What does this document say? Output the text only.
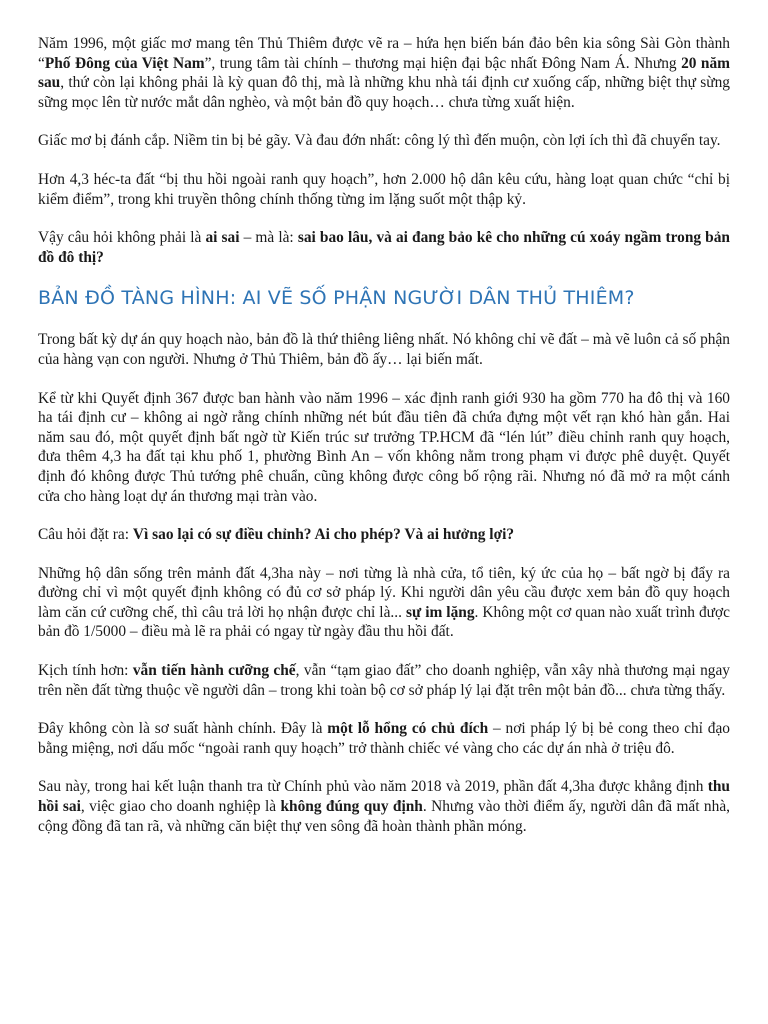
Năm 1996, một giấc mơ mang tên Thủ Thiêm được vẽ ra – hứa hẹn biến bán đảo bên kia sông Sài Gòn thành “Phố Đông của Việt Nam”, trung tâm tài chính – thương mại hiện đại bậc nhất Đông Nam Á. Nhưng 20 năm sau, thứ còn lại không phải là kỳ quan đô thị, mà là những khu nhà tái định cư xuống cấp, những biệt thự sừng sững mọc lên từ nước mắt dân nghèo, và một bản đồ quy hoạch… chưa từng xuất hiện.

Giấc mơ bị đánh cắp. Niềm tin bị bẻ gãy. Và đau đớn nhất: công lý thì đến muộn, còn lợi ích thì đã chuyển tay.

Hơn 4,3 héc-ta đất “bị thu hồi ngoài ranh quy hoạch”, hơn 2.000 hộ dân kêu cứu, hàng loạt quan chức “chỉ bị kiểm điểm”, trong khi truyền thông chính thống từng im lặng suốt một thập kỷ.

Vậy câu hỏi không phải là ai sai – mà là: sai bao lâu, và ai đang bảo kê cho những cú xoáy ngầm trong bản đồ đô thị?

BẢN ĐỒ TÀNG HÌNH: AI VẼ SỐ PHẬN NGƯỜI DÂN THỦ THIÊM?

Trong bất kỳ dự án quy hoạch nào, bản đồ là thứ thiêng liêng nhất. Nó không chỉ vẽ đất – mà vẽ luôn cả số phận của hàng vạn con người. Nhưng ở Thủ Thiêm, bản đồ ấy… lại biến mất.

Kể từ khi Quyết định 367 được ban hành vào năm 1996 – xác định ranh giới 930 ha gồm 770 ha đô thị và 160 ha tái định cư – không ai ngờ rằng chính những nét bút đầu tiên đã chứa đựng một vết rạn khó hàn gắn. Hai năm sau đó, một quyết định bất ngờ từ Kiến trúc sư trưởng TP.HCM đã “lén lút” điều chỉnh ranh quy hoạch, đưa thêm 4,3 ha đất tại khu phố 1, phường Bình An – vốn không nằm trong phạm vi được phê duyệt. Quyết định đó không được Thủ tướng phê chuẩn, cũng không được công bố rộng rãi. Nhưng nó đã mở ra một cánh cửa cho hàng loạt dự án thương mại tràn vào.

Câu hỏi đặt ra: Vì sao lại có sự điều chỉnh? Ai cho phép? Và ai hưởng lợi?

Những hộ dân sống trên mảnh đất 4,3ha này – nơi từng là nhà cửa, tổ tiên, ký ức của họ – bất ngờ bị đẩy ra đường chỉ vì một quyết định không có đủ cơ sở pháp lý. Khi người dân yêu cầu được xem bản đồ quy hoạch làm căn cứ cưỡng chế, thì câu trả lời họ nhận được chỉ là... sự im lặng. Không một cơ quan nào xuất trình được bản đồ 1/5000 – điều mà lẽ ra phải có ngay từ ngày đầu thu hồi đất.

Kịch tính hơn: vẫn tiến hành cưỡng chế, vẫn “tạm giao đất” cho doanh nghiệp, vẫn xây nhà thương mại ngay trên nền đất từng thuộc về người dân – trong khi toàn bộ cơ sở pháp lý lại đặt trên một bản đồ... chưa từng thấy.

Đây không còn là sơ suất hành chính. Đây là một lỗ hổng có chủ đích – nơi pháp lý bị bẻ cong theo chỉ đạo bằng miệng, nơi dấu mốc “ngoài ranh quy hoạch” trở thành chiếc vé vàng cho các dự án nhà ở triệu đô.

Sau này, trong hai kết luận thanh tra từ Chính phủ vào năm 2018 và 2019, phần đất 4,3ha được khẳng định thu hồi sai, việc giao cho doanh nghiệp là không đúng quy định. Nhưng vào thời điểm ấy, người dân đã mất nhà, cộng đồng đã tan rã, và những căn biệt thự ven sông đã hoàn thành phần móng.
